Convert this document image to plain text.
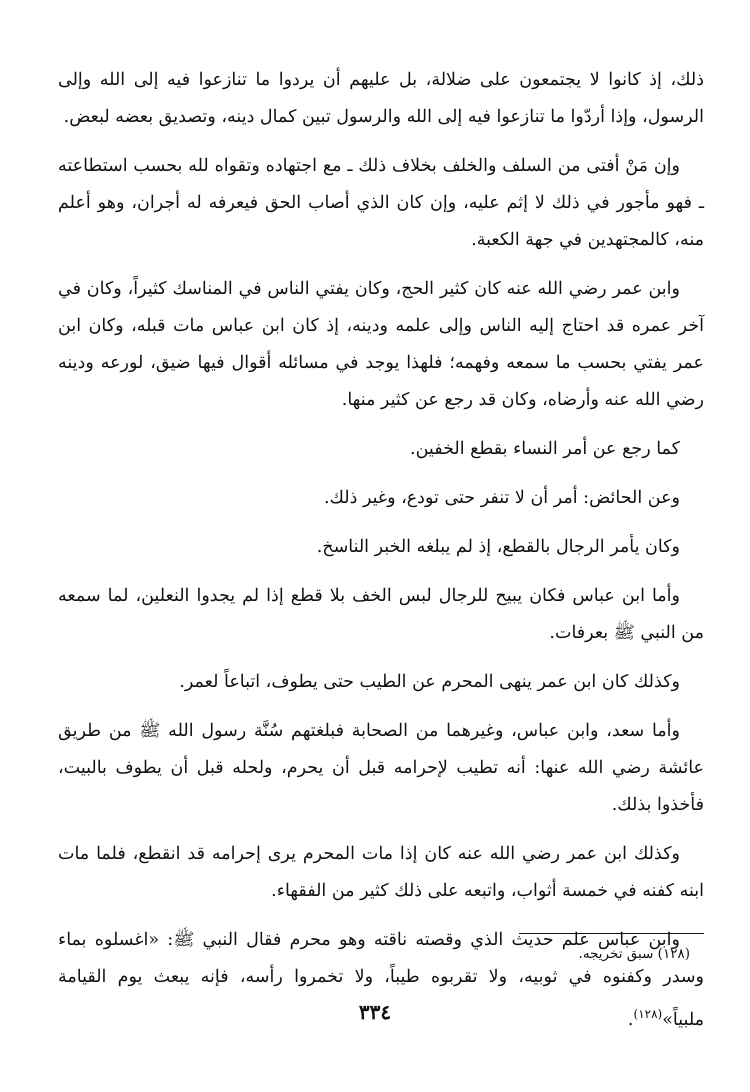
ذلك، إذ كانوا لا يجتمعون على ضلالة، بل عليهم أن يردوا ما تنازعوا فيه إلى الله وإلى الرسول، وإذا أردّوا ما تنازعوا فيه إلى الله والرسول تبين كمال دينه، وتصديق بعضه لبعض.

وإن مَنْ أفتى من السلف والخلف بخلاف ذلك ـ مع اجتهاده وتقواه لله بحسب استطاعته ـ فهو مأجور في ذلك لا إثم عليه، وإن كان الذي أصاب الحق فيعرفه له أجران، وهو أعلم منه، كالمجتهدين في جهة الكعبة.

وابن عمر رضي الله عنه كان كثير الحج، وكان يفتي الناس في المناسك كثيراً، وكان في آخر عمره قد احتاج إليه الناس وإلى علمه ودينه، إذ كان ابن عباس مات قبله، وكان ابن عمر يفتي بحسب ما سمعه وفهمه؛ فلهذا يوجد في مسائله أقوال فيها ضيق، لورعه ودينه رضي الله عنه وأرضاه، وكان قد رجع عن كثير منها.

كما رجع عن أمر النساء بقطع الخفين.

وعن الحائض: أمر أن لا تنفر حتى تودع، وغير ذلك.

وكان يأمر الرجال بالقطع، إذ لم يبلغه الخبر الناسخ.

وأما ابن عباس فكان يبيح للرجال لبس الخف بلا قطع إذا لم يجدوا النعلين، لما سمعه من النبي ﷺ بعرفات.

وكذلك كان ابن عمر ينهى المحرم عن الطيب حتى يطوف، اتباعاً لعمر.

وأما سعد، وابن عباس، وغيرهما من الصحابة فبلغتهم سُنَّة رسول الله ﷺ من طريق عائشة رضي الله عنها: أنه تطيب لإحرامه قبل أن يحرم، ولحله قبل أن يطوف بالبيت، فأخذوا بذلك.

وكذلك ابن عمر رضي الله عنه كان إذا مات المحرم يرى إحرامه قد انقطع، فلما مات ابنه كفنه في خمسة أثواب، واتبعه على ذلك كثير من الفقهاء.

وابن عباس علم حديث الذي وقصته ناقته وهو محرم فقال النبي ﷺ: «اغسلوه بماء وسدر وكفنوه في ثوبيه، ولا تقربوه طيباً، ولا تخمروا رأسه، فإنه يبعث يوم القيامة ملبياً»$^{(١٢٨)}$.

(١٢٨) سبق تخريجه.
٣٣٤
